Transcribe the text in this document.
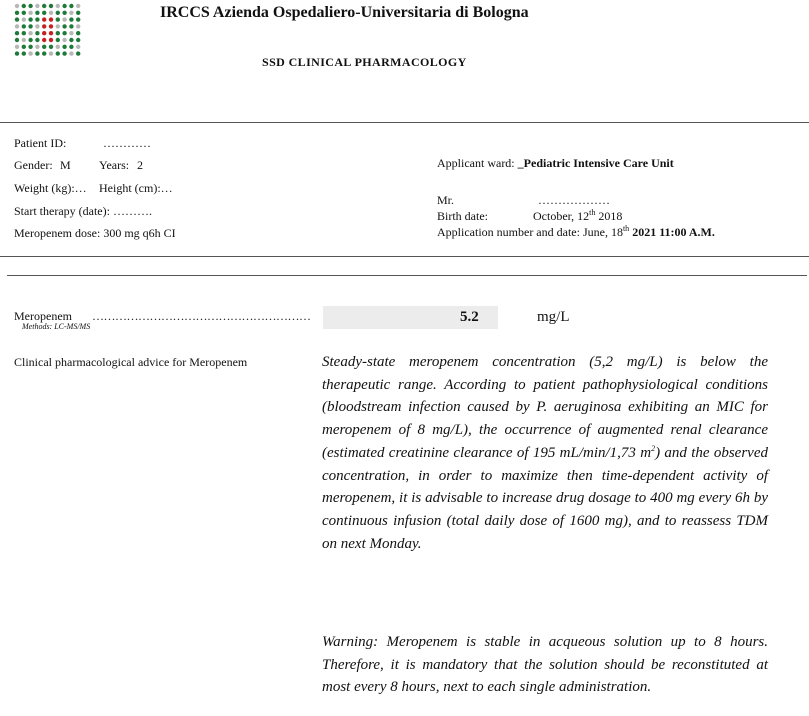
IRCCS Azienda Ospedaliero-Universitaria di Bologna
SSD CLINICAL PHARMACOLOGY
Patient ID:	…………
Gender: M Years: 2
Weight (kg):… Height (cm):…
Start therapy (date): ……….
Meropenem dose: 300 mg q6h CI
Applicant ward: _Pediatric Intensive Care Unit
Mr.	………………
Birth date:	October, 12th 2018
Application number and date: June, 18th 2021 11:00 A.M.
Meropenem …………………………………………………
Methods: LC-MS/MS
5.2	mg/L
Clinical pharmacological advice for Meropenem	Steady-state meropenem concentration (5,2 mg/L) is below the therapeutic range. According to patient pathophysiological conditions (bloodstream infection caused by P. aeruginosa exhibiting an MIC for meropenem of 8 mg/L), the occurrence of augmented renal clearance (estimated creatinine clearance of 195 mL/min/1,73 $m^2$) and the observed concentration, in order to maximize then time-dependent activity of meropenem, it is advisable to increase drug dosage to 400 mg every 6h by continuous infusion (total daily dose of 1600 mg), and to reassess TDM on next Monday.

Warning: Meropenem is stable in acqueous solution up to 8 hours. Therefore, it is mandatory that the solution should be reconstituted at most every 8 hours, next to each single administration.
